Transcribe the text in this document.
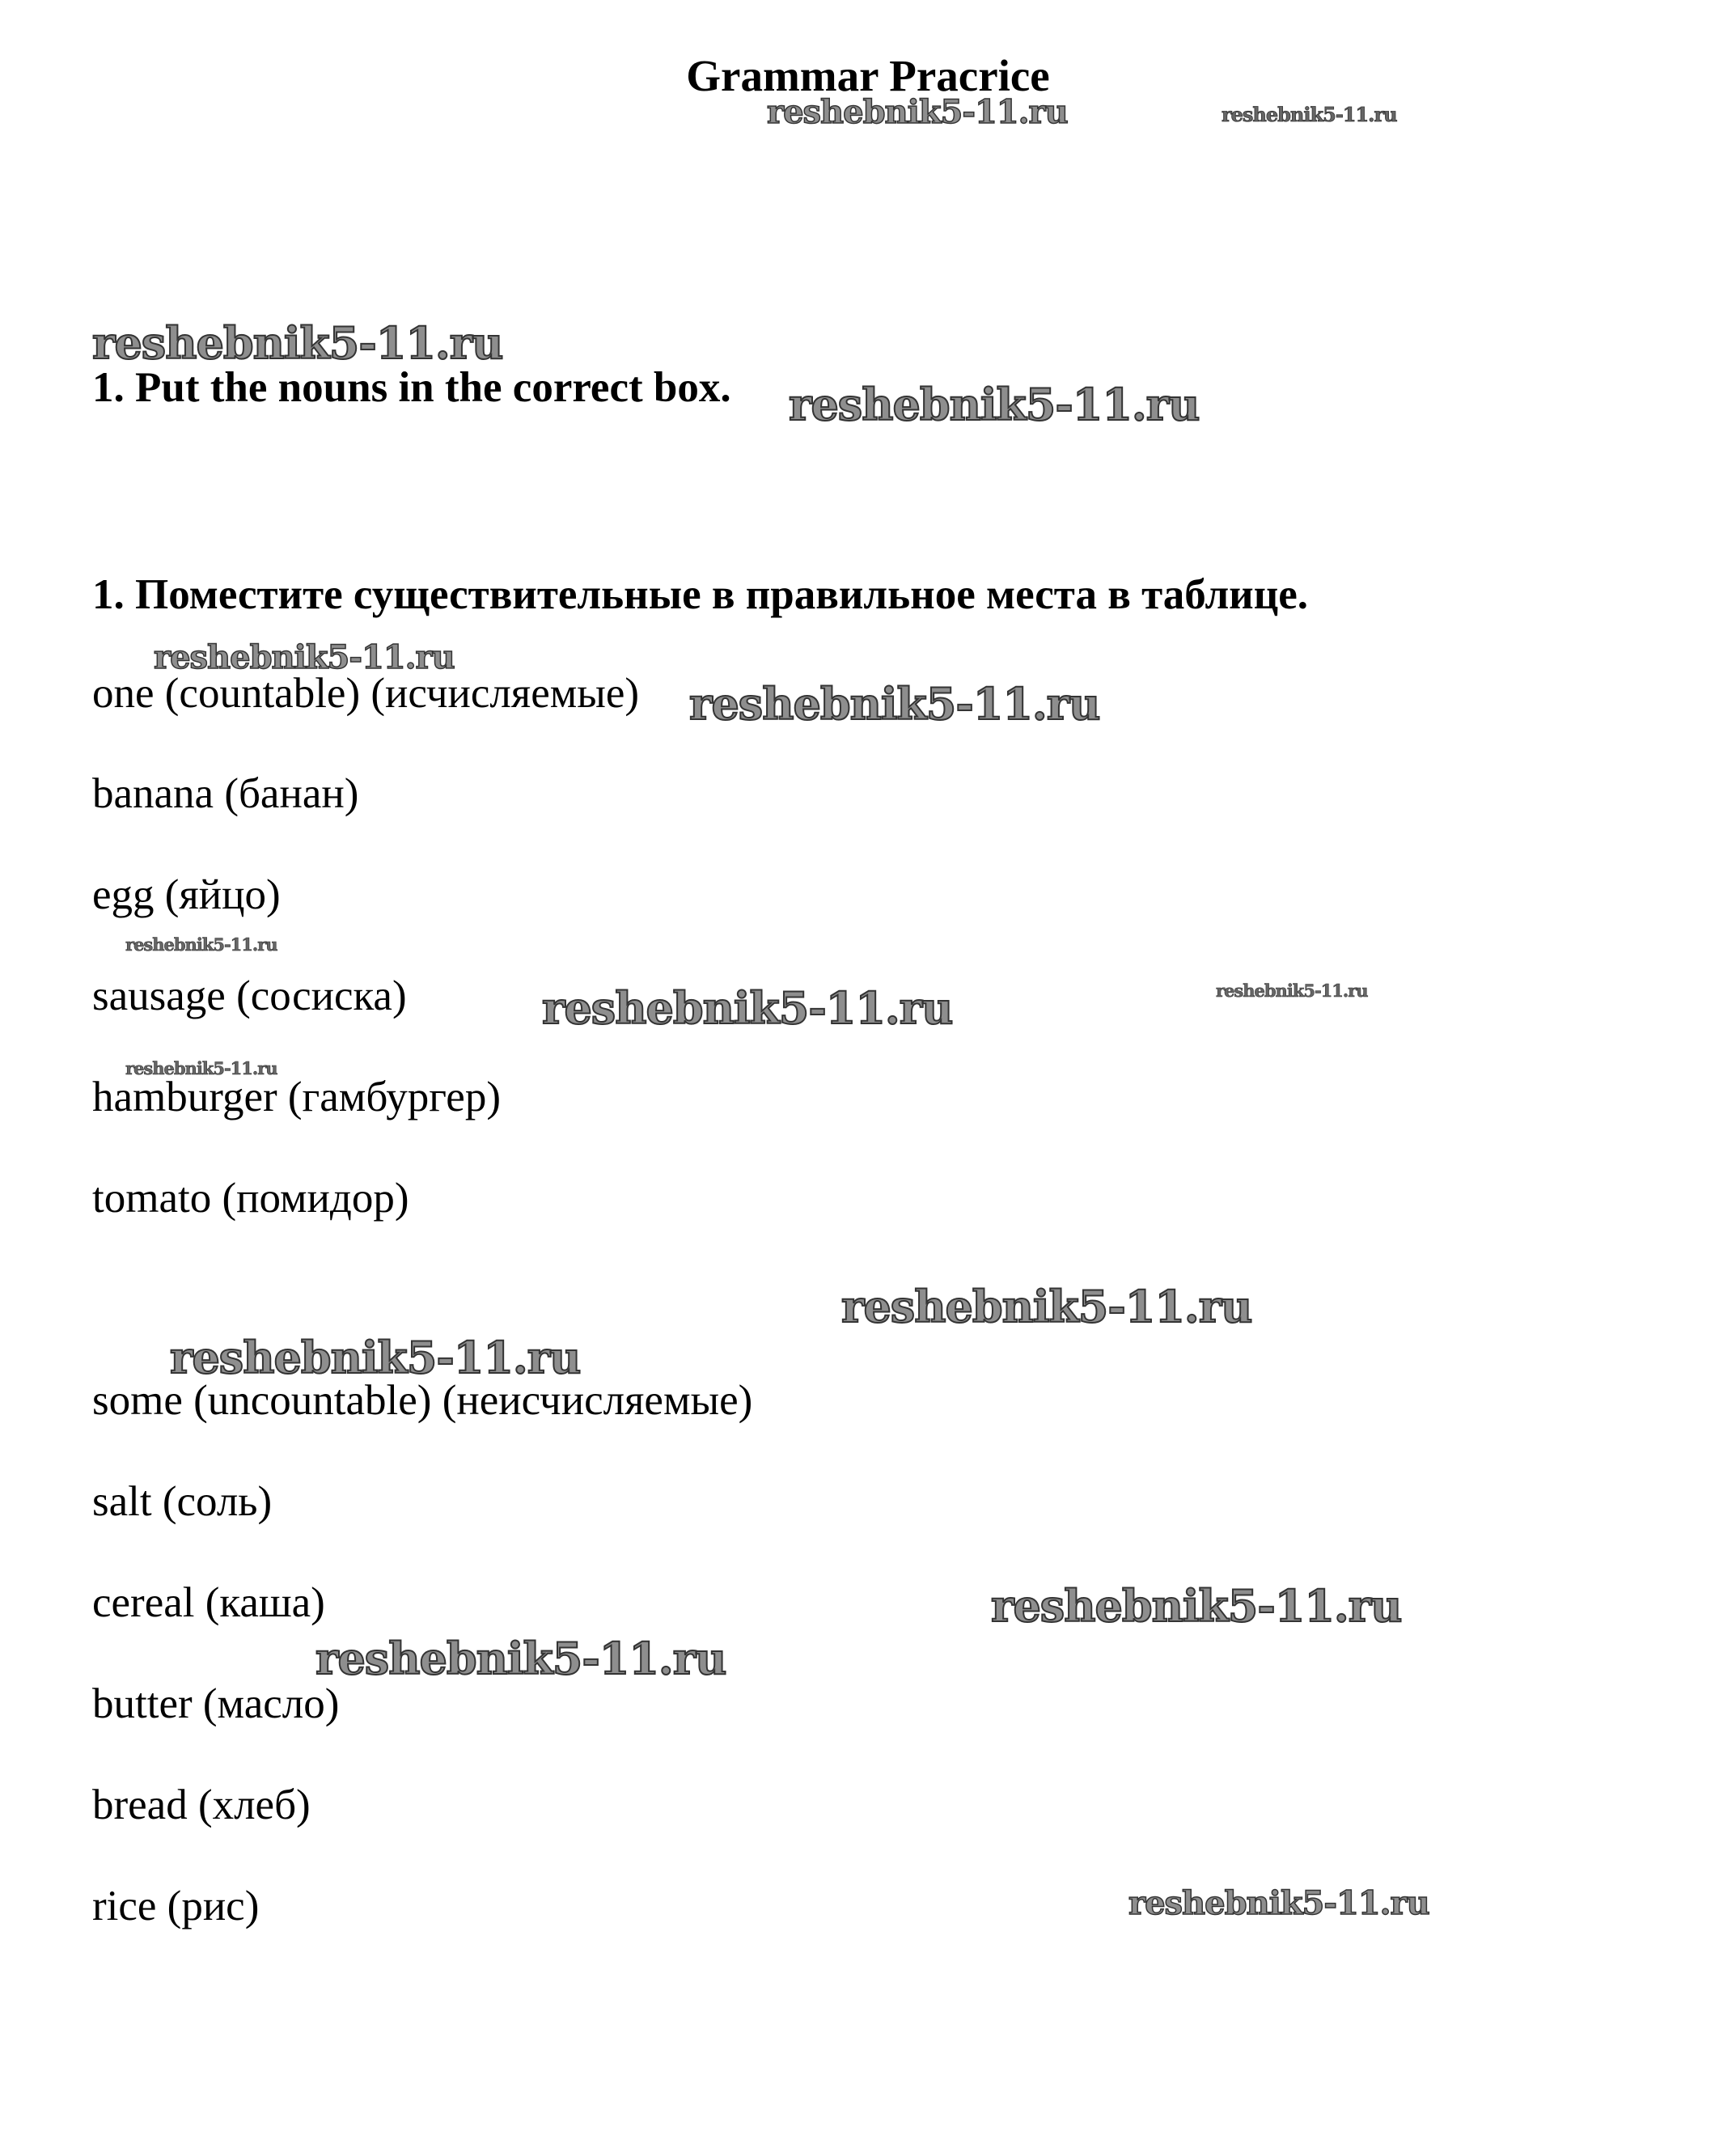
Grammar Pracrice
1. Put the nouns in the correct box.
1. Поместите существительные в правильное места в таблице.
one (countable) (исчисляемые)
banana (банан)
egg (яйцо)
sausage (сосиска)
hamburger (гамбургер)
tomato (помидор)
some (uncountable) (неисчисляемые)
salt (соль)
cereal (каша)
butter (масло)
bread (хлеб)
rice (рис)
reshebnik5-11.ru	reshebnik5-11.ru
reshebnik5-11.ru
reshebnik5-11.ru
reshebnik5-11.ru
reshebnik5-11.ru
reshebnik5-11.ru
reshebnik5-11.ru	reshebnik5-11.ru
reshebnik5-11.ru
reshebnik5-11.ru
reshebnik5-11.ru
reshebnik5-11.ru
reshebnik5-11.ru
reshebnik5-11.ru
